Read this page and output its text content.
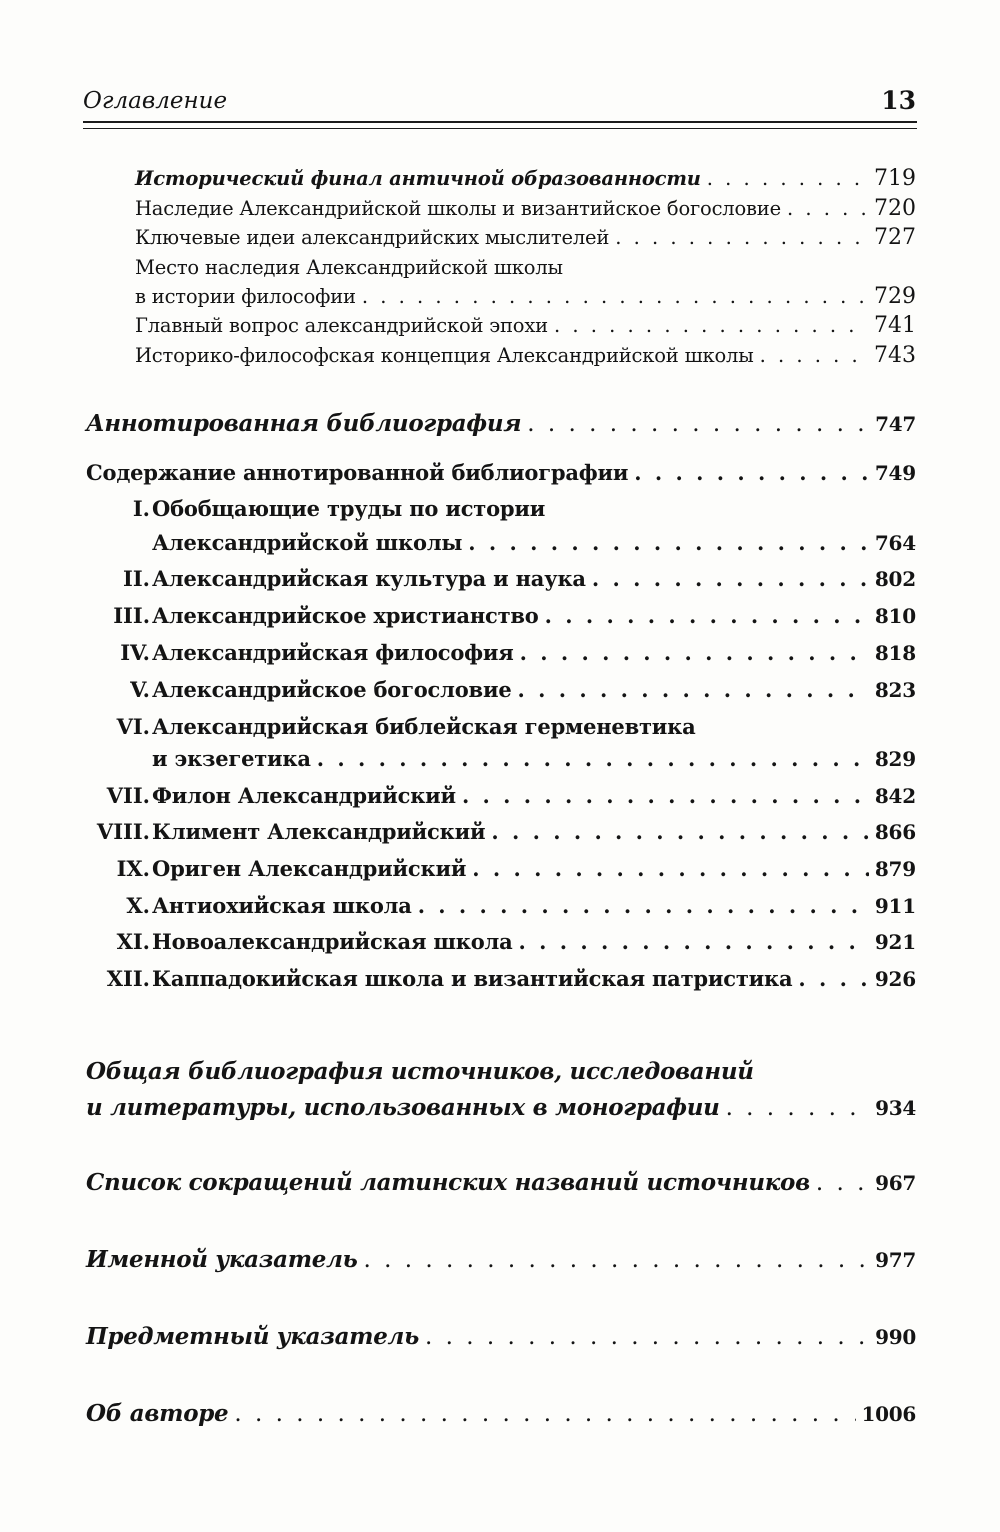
Оглавление	13
Исторический финал античной образованности . . .	719
Наследие Александрийской школы и византийское богословие . . .	720
Ключевые идеи александрийских мыслителей . . .	727
Место наследия Александрийской школы
в истории философии . . .	729
Главный вопрос александрийской эпохи . . .	741
Историко-философская концепция Александрийской школы . . .	743
Аннотированная библиография . . .	747
Содержание аннотированной библиографии . . .	749
I. Обобщающие труды по истории
Александрийской школы . . .	764
II. Александрийская культура и наука . . .	802
III. Александрийское христианство . . .	810
IV. Александрийская философия . . .	818
V. Александрийское богословие . . .	823
VI. Александрийская библейская герменевтика
и экзегетика . . .	829
VII. Филон Александрийский . . .	842
VIII. Климент Александрийский . . .	866
IX. Ориген Александрийский . . .	879
X. Антиохийская школа . . .	911
XI. Новоалександрийская школа . . .	921
XII. Каппадокийская школа и византийская патристика . . .	926
Общая библиография источников, исследований
и литературы, использованных в монографии . . .	934
Список сокращений латинских названий источников . . .	967
Именной указатель . . .	977
Предметный указатель . . .	990
Об авторе . . .	1006
